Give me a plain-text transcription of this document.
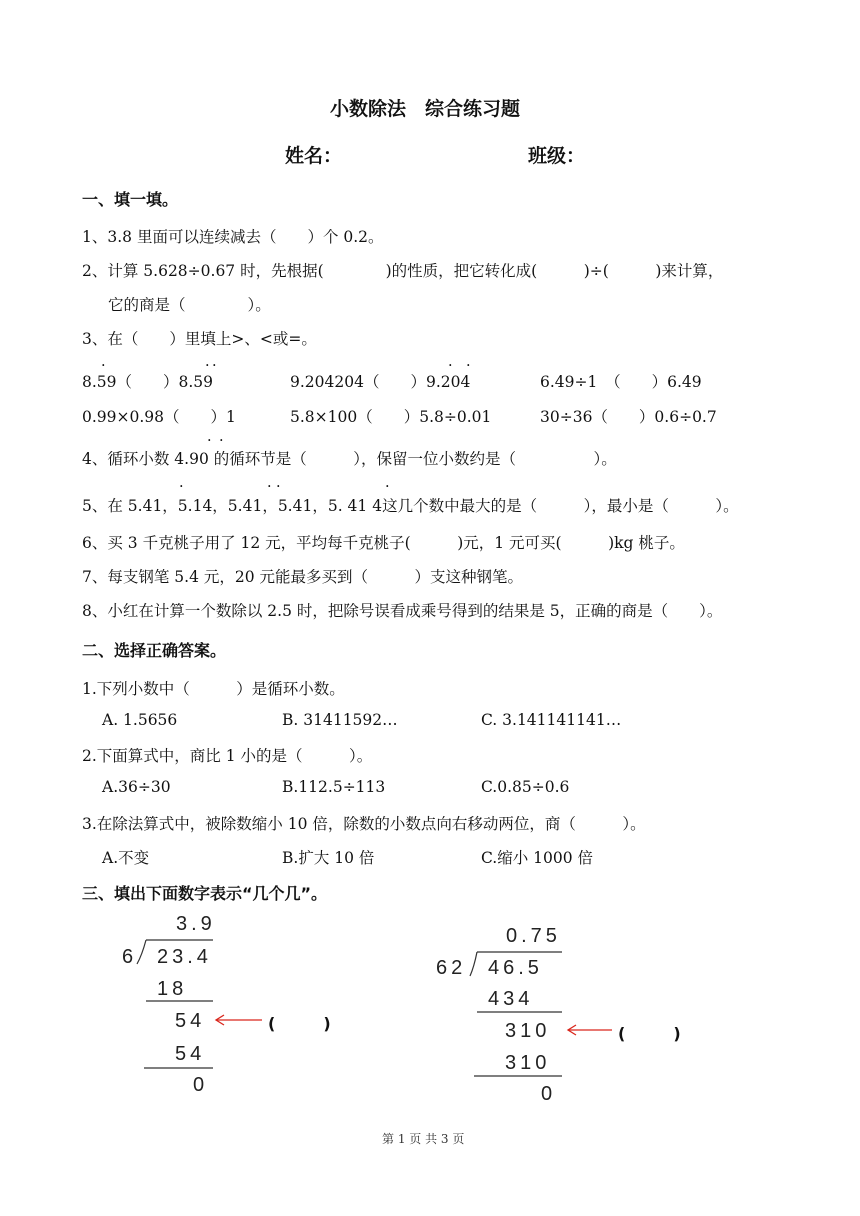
小数除法　综合练习题
姓名：	班级：
一、填一填。
1、3.8 里面可以连续减去（　　）个 0.2。
2、计算 5.628÷0.67 时，先根据(　　　　)的性质，把它转化成(　　　)÷(　　　)来计算，
它的商是（　　　　）。
3、在（　　）里填上>、<或=。
8.59（　　）8.59	9.204204（　　）9.204	6.49÷1　（　　）6.49
0.99×0.98（　　）1	5.8×100（　　）5.8÷0.01	30÷36（　　）0.6÷0.7
·	· ·	· ·
4、循环小数 4.90 的循环节是（　　　），保留一位小数约是（　　　　　）。
· ·
5、在 5.41，5.14，5.41，5.41，5. 41 4这几个数中最大的是（　　　），最小是（　　　）。
·	· ·	·
6、买 3 千克桃子用了 12 元，平均每千克桃子(　　　)元，1 元可买(　　　)kg 桃子。
7、每支钢笔 5.4 元，20 元能最多买到（　　　）支这种钢笔。
8、小红在计算一个数除以 2.5 时，把除号误看成乘号得到的结果是 5，正确的商是（　　）。
二、选择正确答案。
1.下列小数中（　　　）是循环小数。
A. 1.5656	B. 31411592…	C. 3.141141141…
2.下面算式中，商比 1 小的是（　　　）。
A.36÷30	B.112.5÷113	C.0.85÷0.6
3.在除法算式中，被除数缩小 10 倍，除数的小数点向右移动两位，商（　　　）。
A.不变	B.扩大 10 倍	C.缩小 1000 倍
三、填出下面数字表示“几个几”。
3.9
6 23.4
18
54
54
0
(　　　)
0.75
62 46.5
434
310
310
0
(　　　)
第 1 页 共 3 页
